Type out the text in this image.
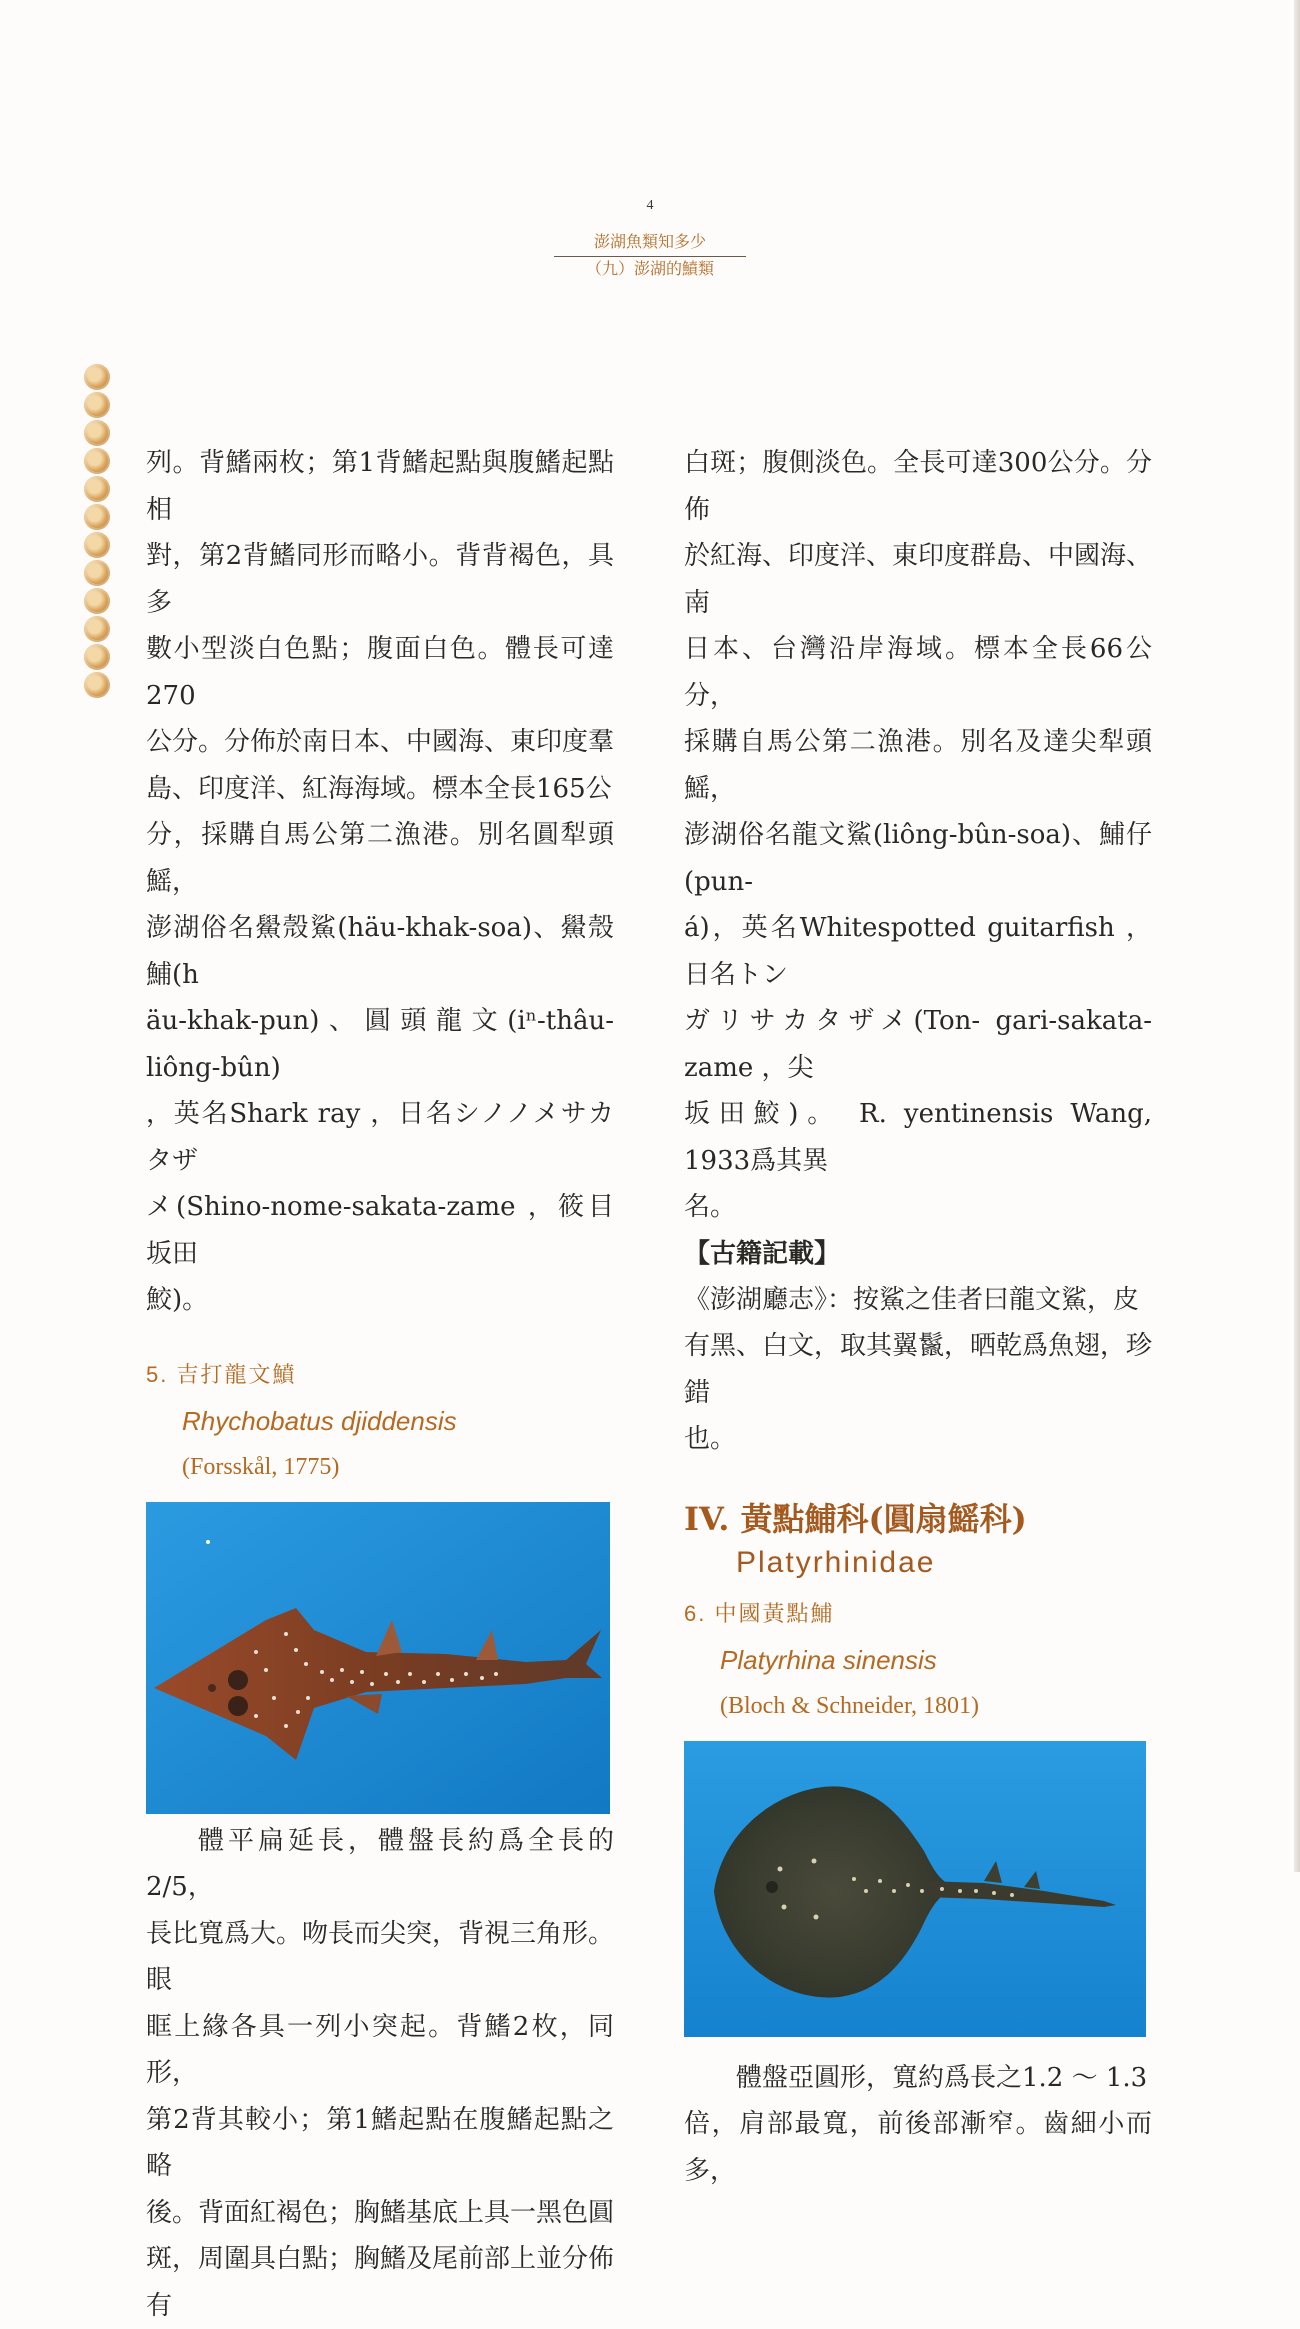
4
澎湖魚類知多少
（九）澎湖的鱝類

列。背鰭兩枚；第1背鰭起點與腹鰭起點相

對，第2背鰭同形而略小。背背褐色，具多

數小型淡白色點；腹面白色。體長可達270

公分。分佈於南日本、中國海、東印度羣

島、印度洋、紅海海域。標本全長165公

分，採購自馬公第二漁港。別名圓犁頭鰩，

澎湖俗名鱟殼鯊(häu-khak-soa)、鱟殼鯆(h

äu-khak-pun)、圓頭龍文(iⁿ-thâu-liông-bûn)

，英名Shark ray ，日名シノノメサカタザ

メ(Shino-nome-sakata-zame ，筱目坂田

鮫)。

5. 吉打龍文鱝
Rhychobatus djiddensis
(Forsskål, 1775)

體平扁延長，體盤長約爲全長的2/5，

長比寬爲大。吻長而尖突，背視三角形。眼

眶上緣各具一列小突起。背鰭2枚，同形，

第2背其較小；第1鰭起點在腹鰭起點之略

後。背面紅褐色；胸鰭基底上具一黑色圓

斑，周圍具白點；胸鰭及尾前部上並分佈有

白斑；腹側淡色。全長可達300公分。分佈

於紅海、印度洋、東印度群島、中國海、南

日本、台灣沿岸海域。標本全長66公分，

採購自馬公第二漁港。別名及達尖犁頭鰩，

澎湖俗名龍文鯊(liông-bûn-soa)、鯆仔(pun-

á)，英名Whitespotted guitarfish ，日名トン

ガリサカタザメ(Ton- gari-sakata-zame ，尖

坂田鮫)。 R. yentinensis Wang, 1933爲其異

名。

【古籍記載】

《澎湖廳志》：按鯊之佳者曰龍文鯊，皮

有黑、白文，取其翼鬣，晒乾爲魚翅，珍錯

也。

IV. 黃點鯆科(圓扇鰩科)

Platyrhinidae
6. 中國黃點鯆
Platyrhina sinensis
(Bloch & Schneider, 1801)

體盤亞圓形，寬約爲長之1.2 ～ 1.3

倍，肩部最寬，前後部漸窄。齒細小而多，
